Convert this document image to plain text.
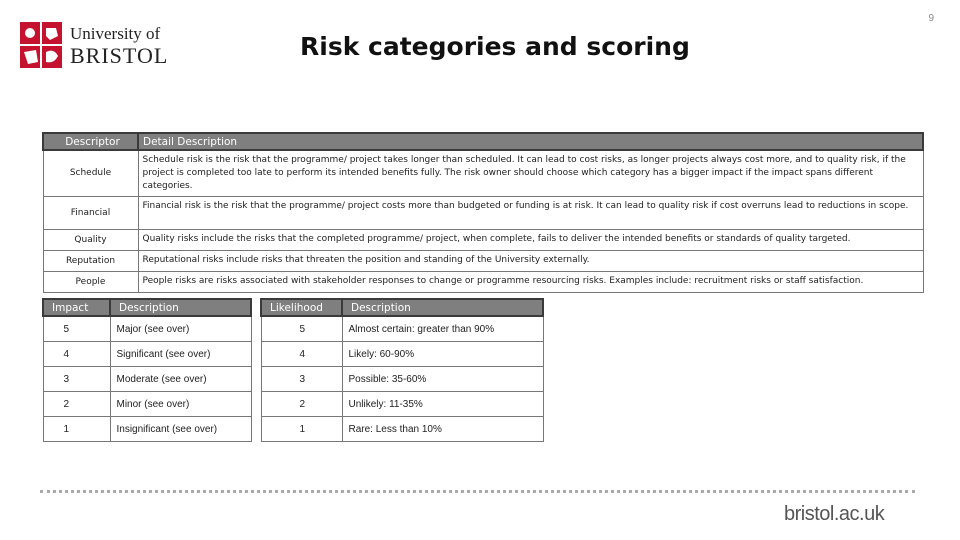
9
University of
BRISTOL	Risk categories and scoring
Descriptor	Detail Description
Schedule	Schedule risk is the risk that the programme/ project takes longer than scheduled. It can lead to cost risks, as longer projects always cost more, and to quality risk, if the project is completed too late to perform its intended benefits fully. The risk owner should choose which category has a bigger impact if the impact spans different categories.
Financial	Financial risk is the risk that the programme/ project costs more than budgeted or funding is at risk. It can lead to quality risk if cost overruns lead to reductions in scope.
Quality	Quality risks include the risks that the completed programme/ project, when complete, fails to deliver the intended benefits or standards of quality targeted.
Reputation	Reputational risks include risks that threaten the position and standing of the University externally.
People	People risks are risks associated with stakeholder responses to change or programme resourcing risks. Examples include: recruitment risks or staff satisfaction.
Impact	Description		Likelihood	Description
5	Major (see over)		5	Almost certain: greater than 90%
4	Significant (see over)		4	Likely: 60-90%
3	Moderate (see over)		3	Possible: 35-60%
2	Minor (see over)		2	Unlikely: 11-35%
1	Insignificant (see over)		1	Rare: Less than 10%
bristol.ac.uk
